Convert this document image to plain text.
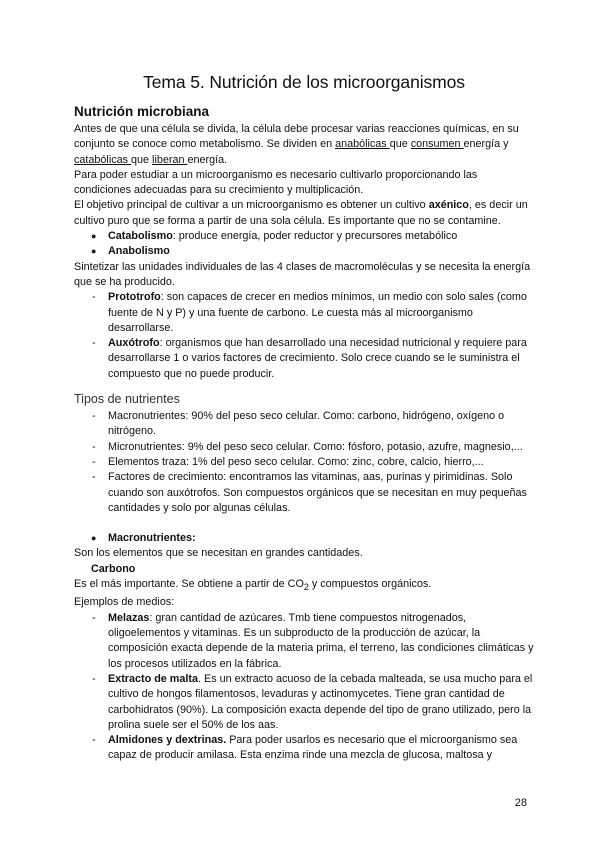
Tema 5. Nutrición de los microorganismos
Nutrición microbiana

Antes de que una célula se divida, la célula debe procesar varias reacciones químicas, en su conjunto se conoce como metabolismo. Se dividen en anabólicas que consumen energía y catabólicas que liberan energía.

Para poder estudiar a un microorganismo es necesario cultivarlo proporcionando las condiciones adecuadas para su crecimiento y multiplicación.

El objetivo principal de cultivar a un microorganismo es obtener un cultivo axénico, es decir un cultivo puro que se forma a partir de una sola célula. Es importante que no se contamine.

● Catabolismo: produce energía, poder reductor y precursores metabólico
● Anabolismo

Sintetizar las unidades individuales de las 4 clases de macromoléculas y se necesita la energía que se ha producido.

- Prototrofo: son capaces de crecer en medios mínimos, un medio con solo sales (como fuente de N y P) y una fuente de carbono. Le cuesta más al microorganismo desarrollarse.
- Auxótrofo: organismos que han desarrollado una necesidad nutricional y requiere para desarrollarse 1 o varios factores de crecimiento. Solo crece cuando se le suministra el compuesto que no puede producir.
Tipos de nutrientes
- Macronutrientes: 90% del peso seco celular. Como: carbono, hidrógeno, oxígeno o nitrógeno.
- Micronutrientes: 9% del peso seco celular. Como: fósforo, potasio, azufre, magnesio,...
- Elementos traza: 1% del peso seco celular. Como: zinc, cobre, calcio, hierro,...
- Factores de crecimiento: encontramos las vitaminas, aas, purinas y pirimidinas. Solo cuando son auxótrofos. Son compuestos orgánicos que se necesitan en muy pequeñas cantidades y solo por algunas células.
● Macronutrientes:

Son los elementos que se necesitan en grandes cantidades.

Carbono

Es el más importante. Se obtiene a partir de $CO_2$ y compuestos orgánicos.

Ejemplos de medios:

- Melazas: gran cantidad de azúcares. Tmb tiene compuestos nitrogenados, oligoelementos y vitaminas. Es un subproducto de la producción de azúcar, la composición exacta depende de la materia prima, el terreno, las condiciones climáticas y los procesos utilizados en la fábrica.
- Extracto de malta. Es un extracto acuoso de la cebada malteada, se usa mucho para el cultivo de hongos filamentosos, levaduras y actinomycetes. Tiene gran cantidad de carbohidratos (90%). La composición exacta depende del tipo de grano utilizado, pero la prolina suele ser el 50% de los aas.
- Almidones y dextrinas. Para poder usarlos es necesario que el microorganismo sea capaz de producir amilasa. Esta enzima rinde una mezcla de glucosa, maltosa y
28
